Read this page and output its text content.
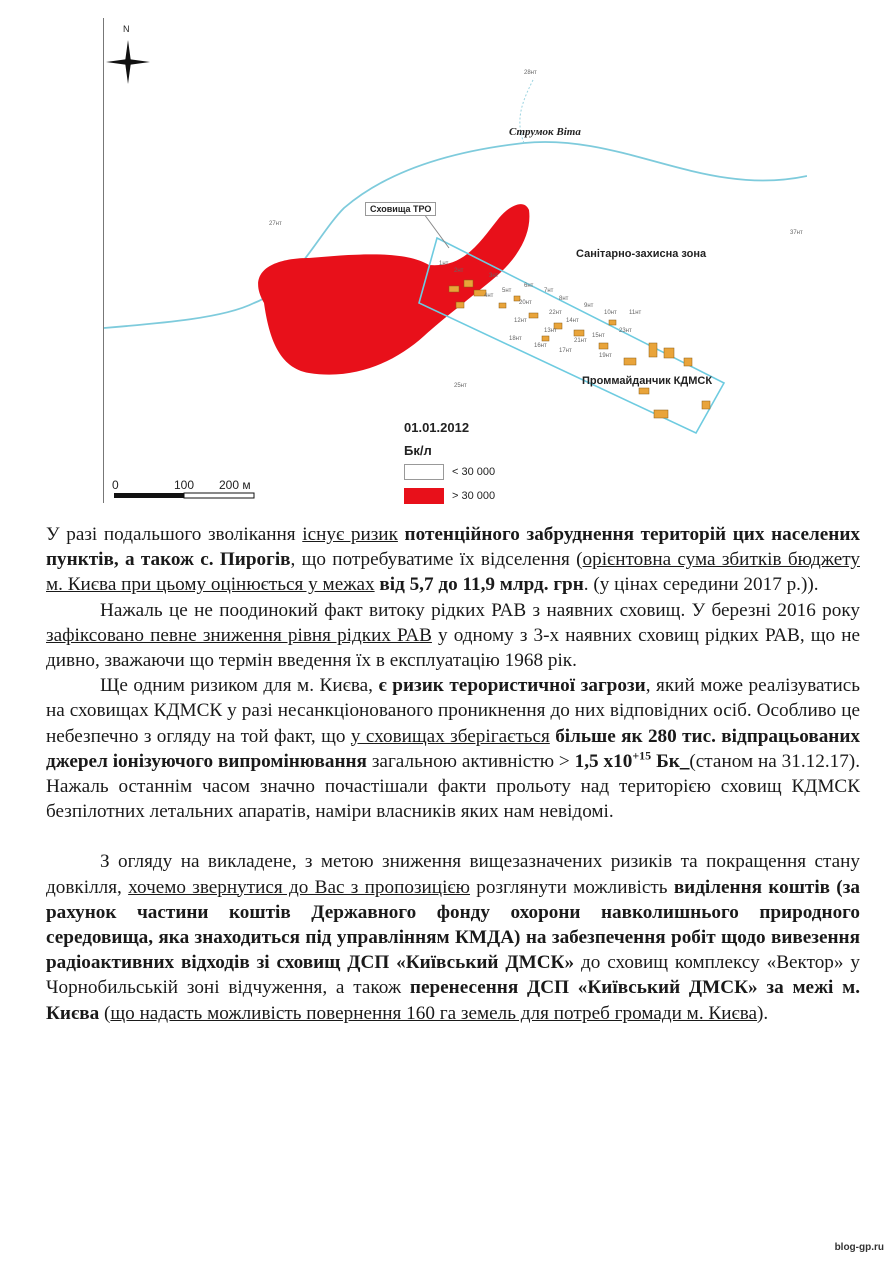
N
Струмок Віта
Сховища ТРО
Санітарно-захисна зона
Проммайданчик КДМСК
28нт
27нт
37нт
25нт
1нт
2нт
3нт
4нт
5нт
6нт
7нт
8нт
9нт
10нт 11нт
12нт
13нт
14нт
15нт
16нт
17нт
18нт
19нт
20нт
21нт
22нт
23нт
01.01.2012
Бк/л
< 30 000
> 30 000
0	100 200 м

У разі подальшого зволікання існує ризик потенційного забруднення територій цих населених пунктів, а також с. Пирогів, що потребуватиме їх відселення (орієнтовна сума збитків бюджету м. Києва при цьому оцінюється у межах від 5,7 до 11,9 млрд. грн. (у цінах середини 2017 р.)).

Нажаль це не поодинокий факт витоку рідких РАВ з наявних сховищ. У березні 2016 року зафіксовано певне зниження рівня рідких РАВ у одному з 3-х наявних сховищ рідких РАВ, що не дивно, зважаючи що термін введення їх в експлуатацію 1968 рік.

Ще одним ризиком для м. Києва, є ризик терористичної загрози, який може реалізуватись на сховищах КДМСК у разі несанкціонованого проникнення до них відповідних осіб. Особливо це небезпечно з огляду на той факт, що у сховищах зберігається більше як 280 тис. відпрацьованих джерел іонізуючого випромінювання загальною активністю > 1,5 $х10^{+15}$ Бк_(станом на 31.12.17). Нажаль останнім часом значно почастішали факти прольоту над територією сховищ КДМСК безпілотних летальних апаратів, наміри власників яких нам невідомі.

З огляду на викладене, з метою зниження вищезазначених ризиків та покращення стану довкілля, хочемо звернутися до Вас з пропозицією розглянути можливість виділення коштів (за рахунок частини коштів Державного фонду охорони навколишнього природного середовища, яка знаходиться під управлінням КМДА) на забезпечення робіт щодо вивезення радіоактивних відходів зі сховищ ДСП «Київський ДМСК» до сховищ комплексу «Вектор» у Чорнобильській зоні відчуження, а також перенесення ДСП «Київський ДМСК» за межі м. Києва (що надасть можливість повернення 160 га земель для потреб громади м. Києва).

blog-gp.ru
